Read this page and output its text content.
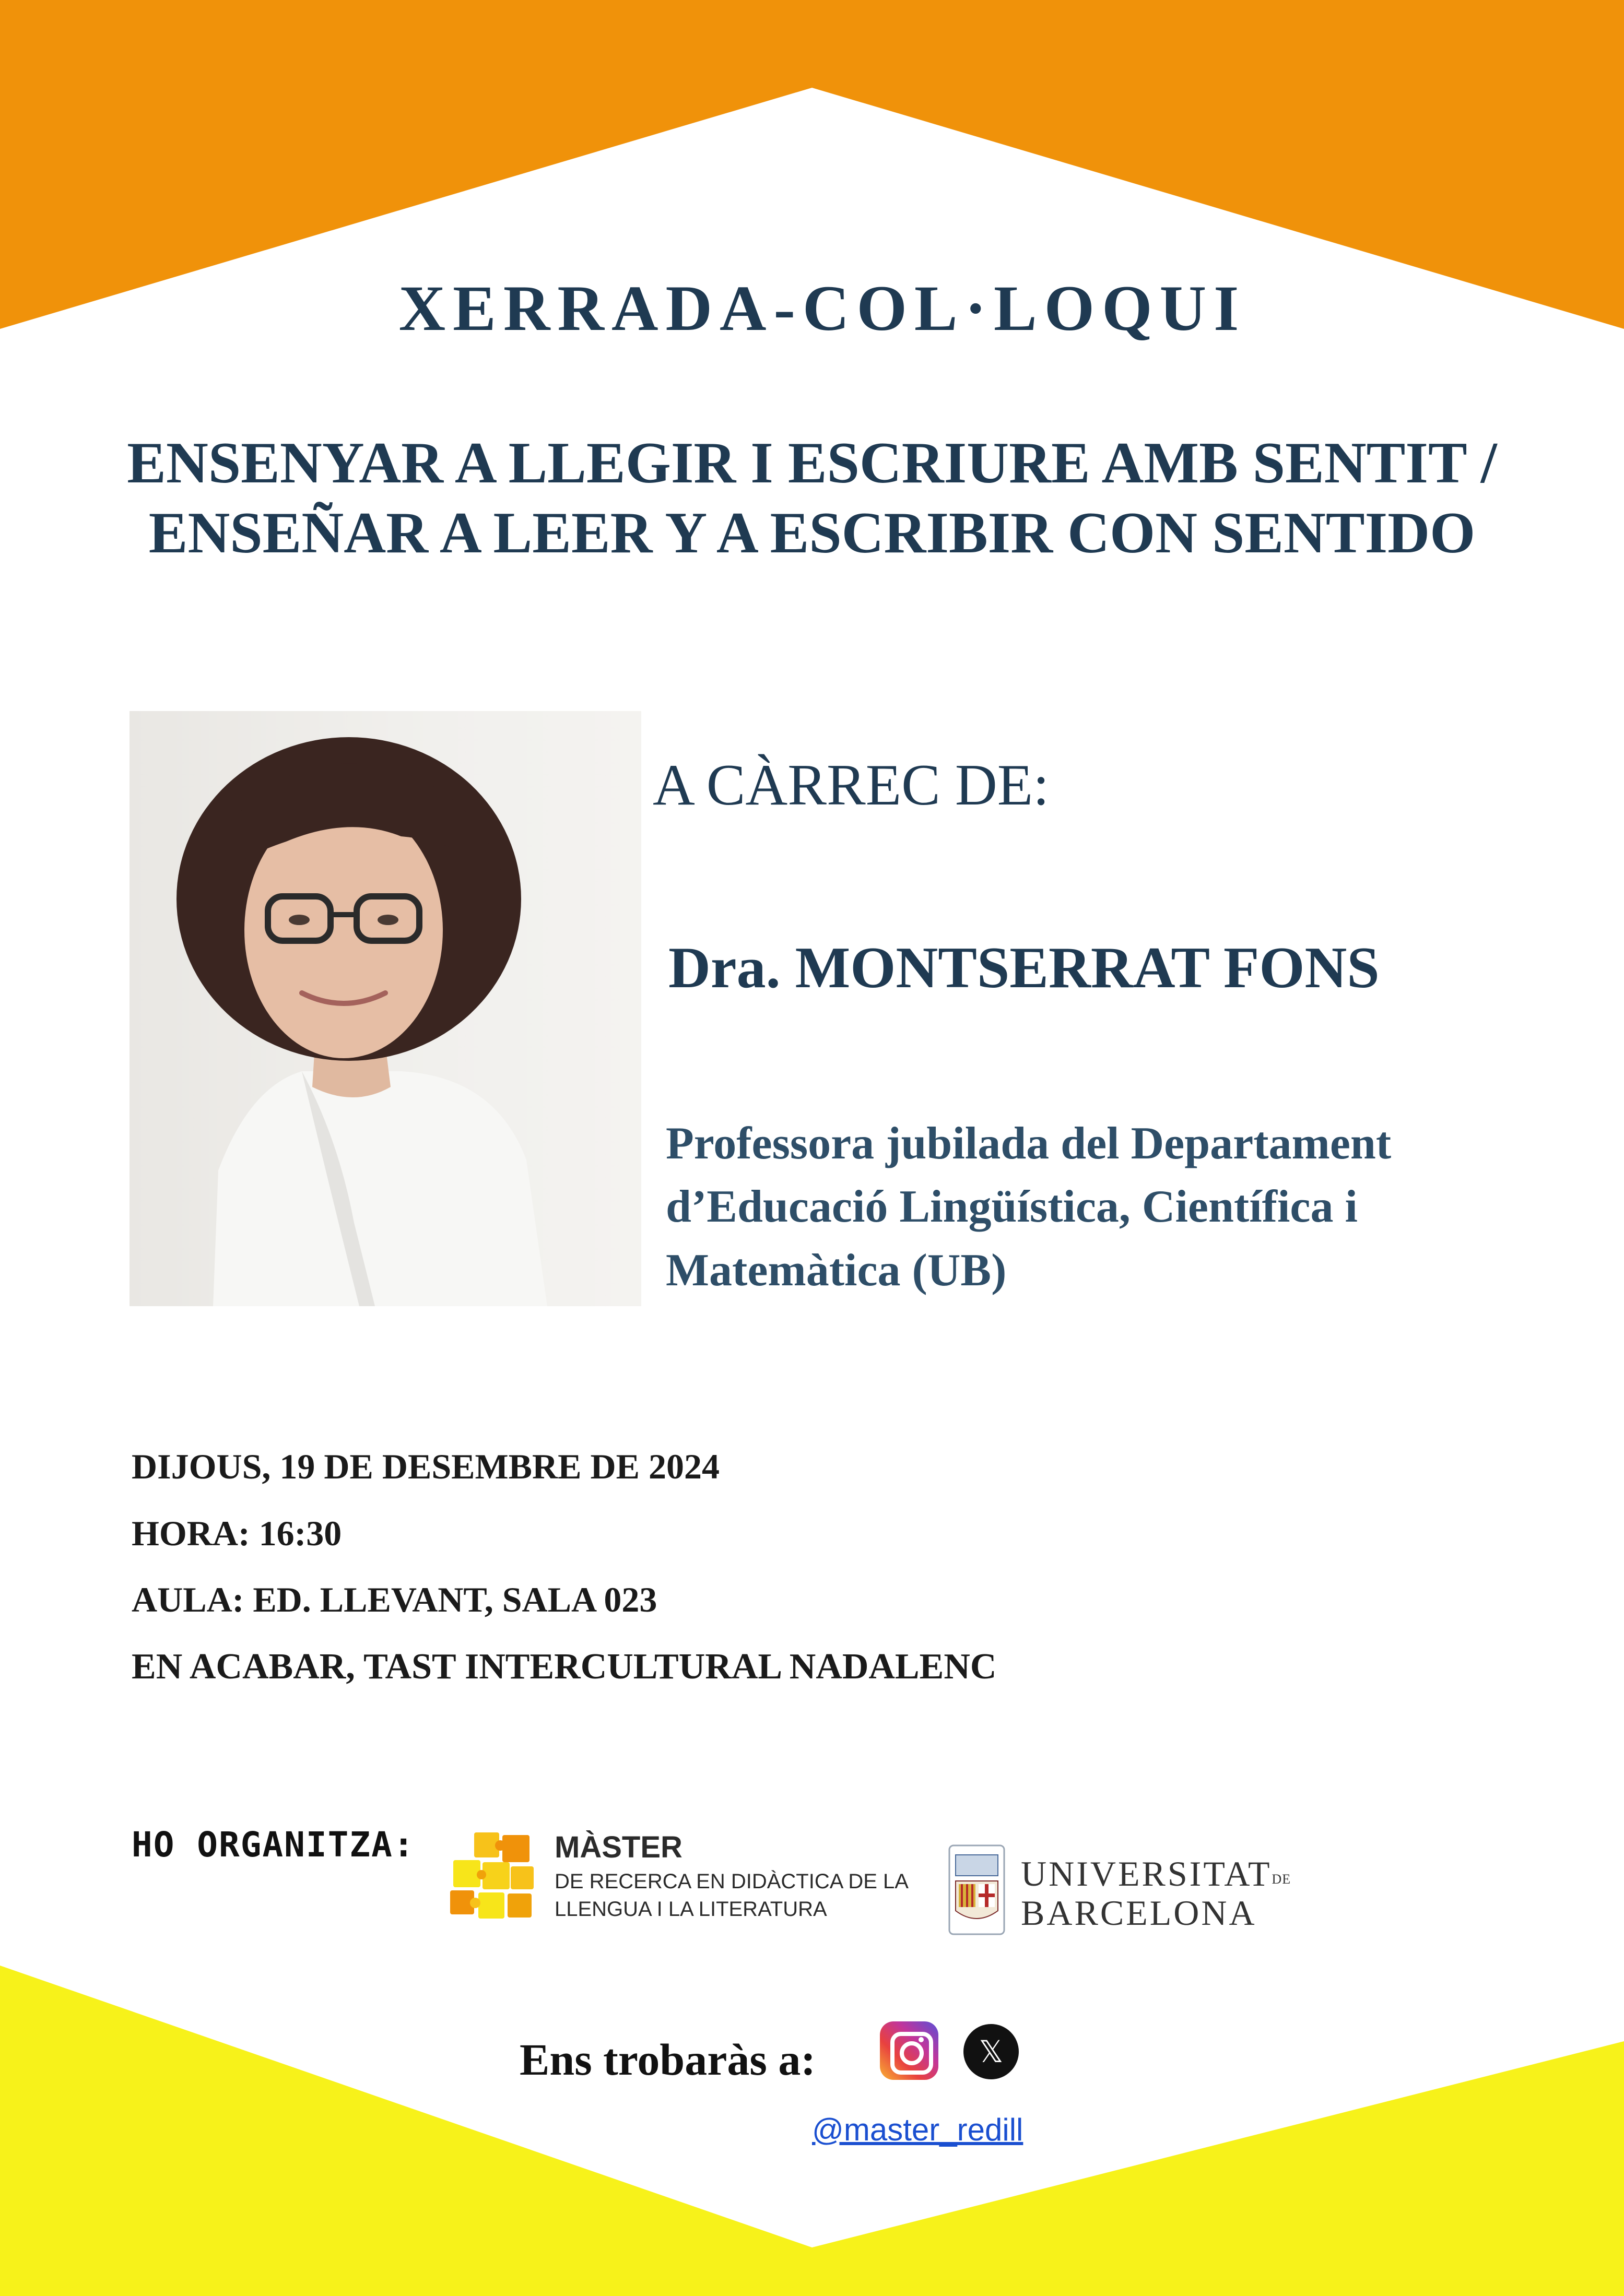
XERRADA-COL·LOQUI
ENSENYAR A LLEGIR I ESCRIURE AMB SENTIT /
ENSEÑAR A LEER Y A ESCRIBIR CON SENTIDO
A CÀRREC DE:
Dra. MONTSERRAT FONS
Professora jubilada del Departament
d’Educació Lingüística, Científica i
Matemàtica (UB)
DIJOUS, 19 DE DESEMBRE DE 2024
HORA: 16:30
AULA: ED. LLEVANT, SALA 023
EN ACABAR, TAST INTERCULTURAL NADALENC
HO ORGANITZA:	MÀSTER
DE RECERCA EN DIDÀCTICA DE LA
LLENGUA I LA LITERATURA
UNIVERSITATDE
BARCELONA
Ens trobaràs a:	𝕏
@master_redill
